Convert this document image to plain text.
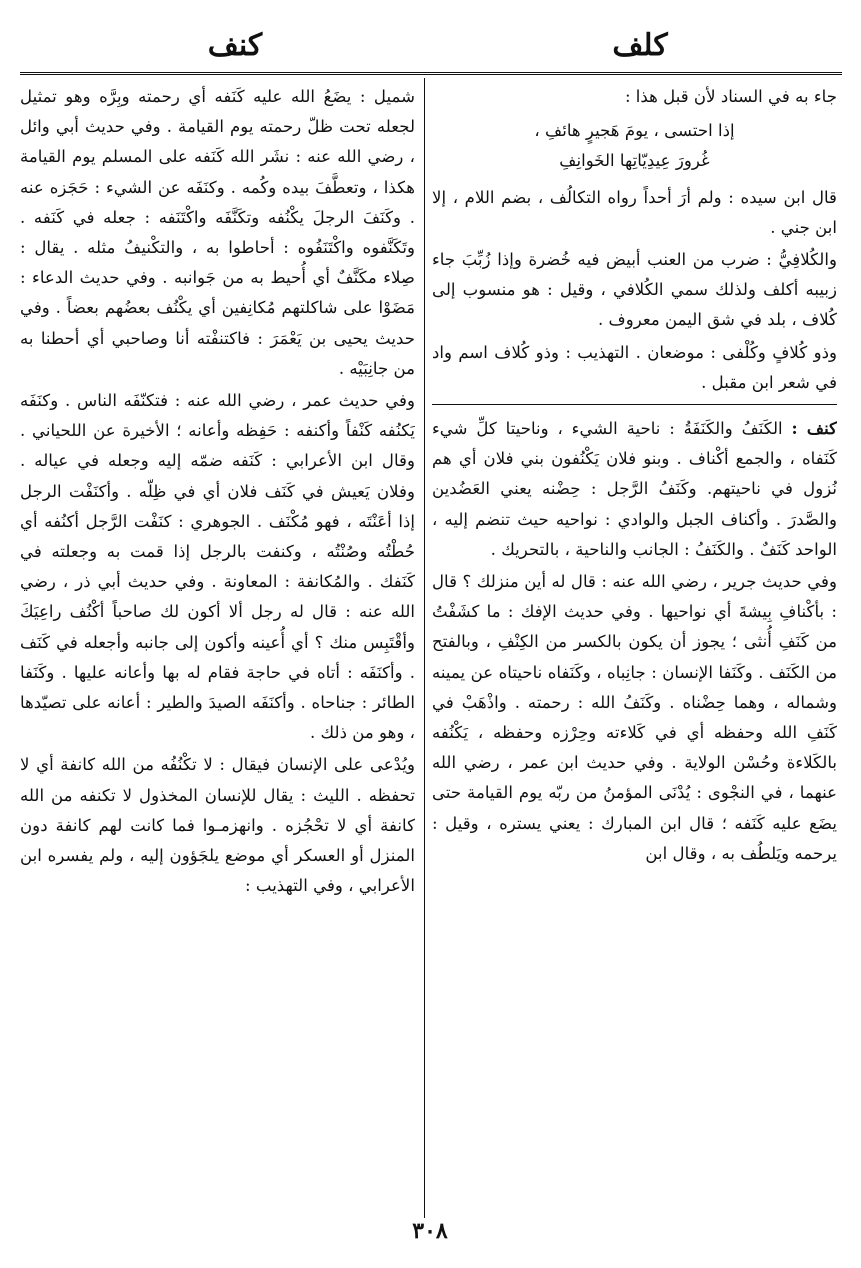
كلف
كنف

جاء به في السناد لأن قبل هذا :

إذا احتسى ، يومَ هَجيرٍ هائفِ ،
غُرورَ عِيدِيّاتِها الخَوانِفِ

قال ابن سيده : ولم أرَ أحداً رواه التكالُف ، بضم اللام ، إلا ابن جني .

والكُلافِيُّ : ضرب من العنب أبيض فيه خُضرة وإذا زُبِّبَ جاء زبيبه أكلف ولذلك سمي الكُلافي ، وقيل : هو منسوب إلى كُلاف ، بلد في شق اليمن معروف .

وذو كُلافٍ وكُلْفى : موضعان . التهذيب : وذو كُلاف اسم واد في شعر ابن مقبل .

كنف : الكَنَفُ والكَنَفَةُ : ناحية الشيء ، وناحيتا كلِّ شيء كَنَفاه ، والجمع أكْناف . وبنو فلان يَكْنُفون بني فلان أي هم نُزول في ناحيتهم. وكَنَفُ الرَّجل : حِضْنه يعني العَضُدين والصَّدرَ . وأكناف الجبل والوادي : نواحيه حيث تنضم إليه ، الواحد كَنَفٌ . والكَنَفُ : الجانب والناحية ، بالتحريك .

وفي حديث جرير ، رضي الله عنه : قال له أين منزلك ؟ قال : بأكْنافِ بِيشةَ أي نواحيها . وفي حديث الإفك : ما كشَفْتُ من كَنَفِ أُنثى ؛ يجوز أن يكون بالكسر من الكِنْفِ ، وبالفتح من الكَنَف . وكَنَفا الإنسان : جانِباه ، وكَنَفاه ناحيتاه عن يمينه وشماله ، وهما حِضْناه . وكَنَفُ الله : رحمته . واذْهَبْ في كَنَفِ الله وحفظه أي في كَلاءته وحِرْزه وحفظه ، يَكْنُفه بالكَلاءة وحُسْن الولاية . وفي حديث ابن عمر ، رضي الله عنهما ، في النجْوى : يُدْنَى المؤمنُ من ربّه يوم القيامة حتى يضَع عليه كَنَفه ؛ قال ابن المبارك : يعني يستره ، وقيل : يرحمه ويَلطُف به ، وقال ابن

شميل : يضَعُ الله عليه كَنَفه أي رحمته وبِرَّه وهو تمثيل لجعله تحت ظلّ رحمته يوم القيامة . وفي حديث أبي وائل ، رضي الله عنه : نشَر الله كَنَفه على المسلم يوم القيامة هكذا ، وتعطَّفَ بيده وكُمه . وكنَفَه عن الشيء : حَجَزه عنه . وكَنَفَ الرجلَ يكْنُفه وتكَنَّفَه واكْتَنَفه : جعله في كَنَفه . وتَكَنَّفوه واكْتَنَفُوه : أحاطوا به ، والتكْنيفُ مثله . يقال : صِلاء مكَنَّفٌ أي أُحيط به من جَوانبه . وفي حديث الدعاء : مَضَوْا على شاكلتهم مُكانِفين أي يكْنُف بعضُهم بعضاً . وفي حديث يحيى بن يَعْمَرَ : فاكتنفْته أنا وصاحبي أي أحطنا به من جانِبَيْه .

وفي حديث عمر ، رضي الله عنه : فتكنّفَه الناس . وكنَفَه يَكنُفه كَنْفاً وأكنفه : حَفِظه وأعانه ؛ الأخيرة عن اللحياني . وقال ابن الأعرابي : كَنَفه ضمّه إليه وجعله في عياله . وفلان يَعيش في كَنَف فلان أي في ظِلّه . وأكنَفْت الرجل إذا أعَنْتَه ، فهو مُكْنَف . الجوهري : كنَفْت الرَّجل أكنُفه أي حُطْتُه وصُنْتُه ، وكنفت بالرجل إذا قمت به وجعلته في كَنَفك . والمُكانفة : المعاونة . وفي حديث أبي ذر ، رضي الله عنه : قال له رجل ألا أكون لك صاحباً أكْنُف راعِيَكَ وأقْتَبِس منك ؟ أي أُعينه وأكون إلى جانبه وأجعله في كَنَف . وأكنَفَه : أتاه في حاجة فقام له بها وأعانه عليها . وكَنَفا الطائر : جناحاه . وأكنَفَه الصيدَ والطير : أعانه على تصيّدها ، وهو من ذلك .

ويُدْعى على الإنسان فيقال : لا تكْنُفُه من الله كانفة أي لا تحفظه . الليث : يقال للإنسان المخذول لا تكنفه من الله كانفة أي لا تحْجُزه . وانهزمـوا فما كانت لهم كانفة دون المنزل أو العسكر أي موضع يلجَؤون إليه ، ولم يفسره ابن الأعرابي ، وفي التهذيب :

٣٠٨
